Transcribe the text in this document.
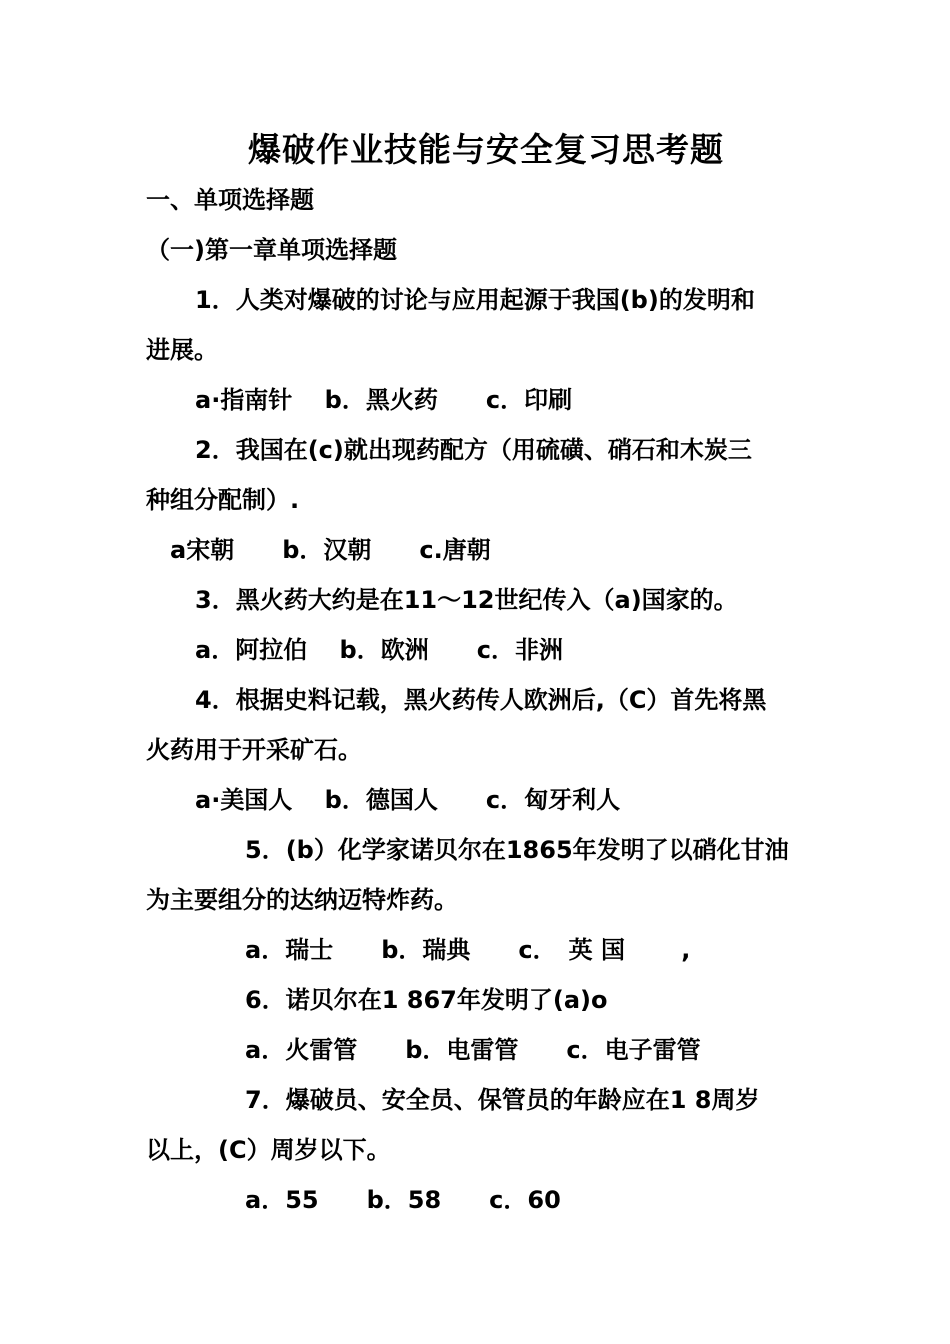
爆破作业技能与安全复习思考题
一、单项选择题
（一)第一章单项选择题
1．人类对爆破的讨论与应用起源于我国(b)的发明和
进展。
a·指南针　 b．黑火药　　c．印刷
2．我国在(c)就出现药配方（用硫磺、硝石和木炭三
种组分配制）.
a宋朝　　b．汉朝　　c.唐朝
3．黑火药大约是在11～12世纪传入（a)国家的。
a．阿拉伯　 b．欧洲　　c．非洲
4．根据史料记载，黑火药传人欧洲后,（C）首先将黑
火药用于开采矿石。
a·美国人　 b．德国人　　c．匈牙利人
5．(b）化学家诺贝尔在1865年发明了以硝化甘油
为主要组分的达纳迈特炸药。
a．瑞士　　b．瑞典　　c．　英 国　　 ,
6．诺贝尔在1 867年发明了(a)o
a．火雷管　　b．电雷管　　c．电子雷管
7．爆破员、安全员、保管员的年龄应在1 8周岁
以上，(C）周岁以下。
a．55　　b．58　　c．60
